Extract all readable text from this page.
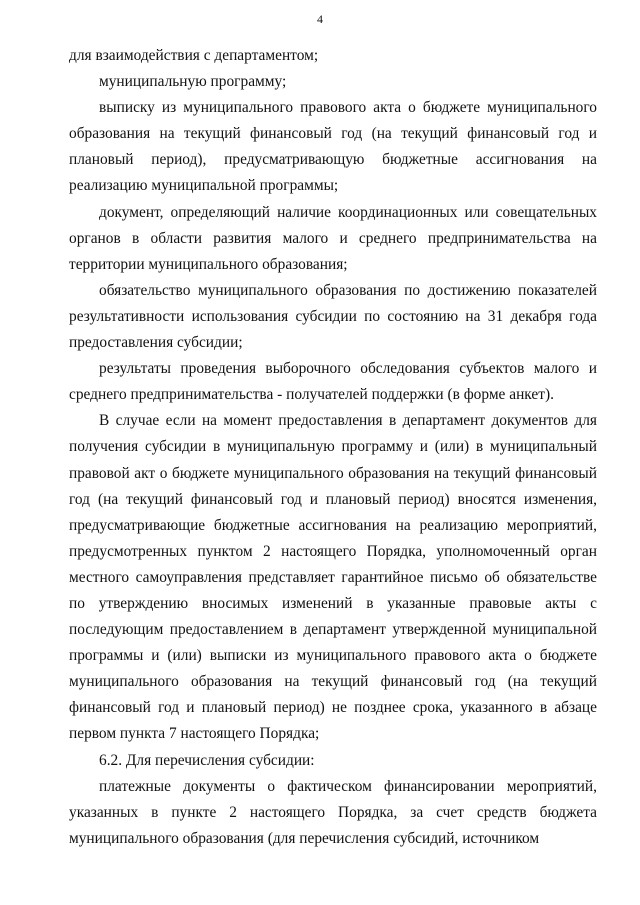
4

для взаимодействия с департаментом;

муниципальную программу;

выписку из муниципального правового акта о бюджете муниципального образования на текущий финансовый год (на текущий финансовый год и плановый период), предусматривающую бюджетные ассигнования на реализацию муниципальной программы;

документ, определяющий наличие координационных или совещательных органов в области развития малого и среднего предпринимательства на территории муниципального образования;

обязательство муниципального образования по достижению показателей результативности использования субсидии по состоянию на 31 декабря года предоставления субсидии;

результаты проведения выборочного обследования субъектов малого и среднего предпринимательства - получателей поддержки (в форме анкет).

В случае если на момент предоставления в департамент документов для получения субсидии в муниципальную программу и (или) в муниципальный правовой акт о бюджете муниципального образования на текущий финансовый год (на текущий финансовый год и плановый период) вносятся изменения, предусматривающие бюджетные ассигнования на реализацию мероприятий, предусмотренных пунктом 2 настоящего Порядка, уполномоченный орган местного самоуправления представляет гарантийное письмо об обязательстве по утверждению вносимых изменений в указанные правовые акты с последующим предоставлением в департамент утвержденной муниципальной программы и (или) выписки из муниципального правового акта о бюджете муниципального образования на текущий финансовый год (на текущий финансовый год и плановый период) не позднее срока, указанного в абзаце первом пункта 7 настоящего Порядка;

6.2. Для перечисления субсидии:

платежные документы о фактическом финансировании мероприятий, указанных в пункте 2 настоящего Порядка, за счет средств бюджета муниципального образования (для перечисления субсидий, источником
